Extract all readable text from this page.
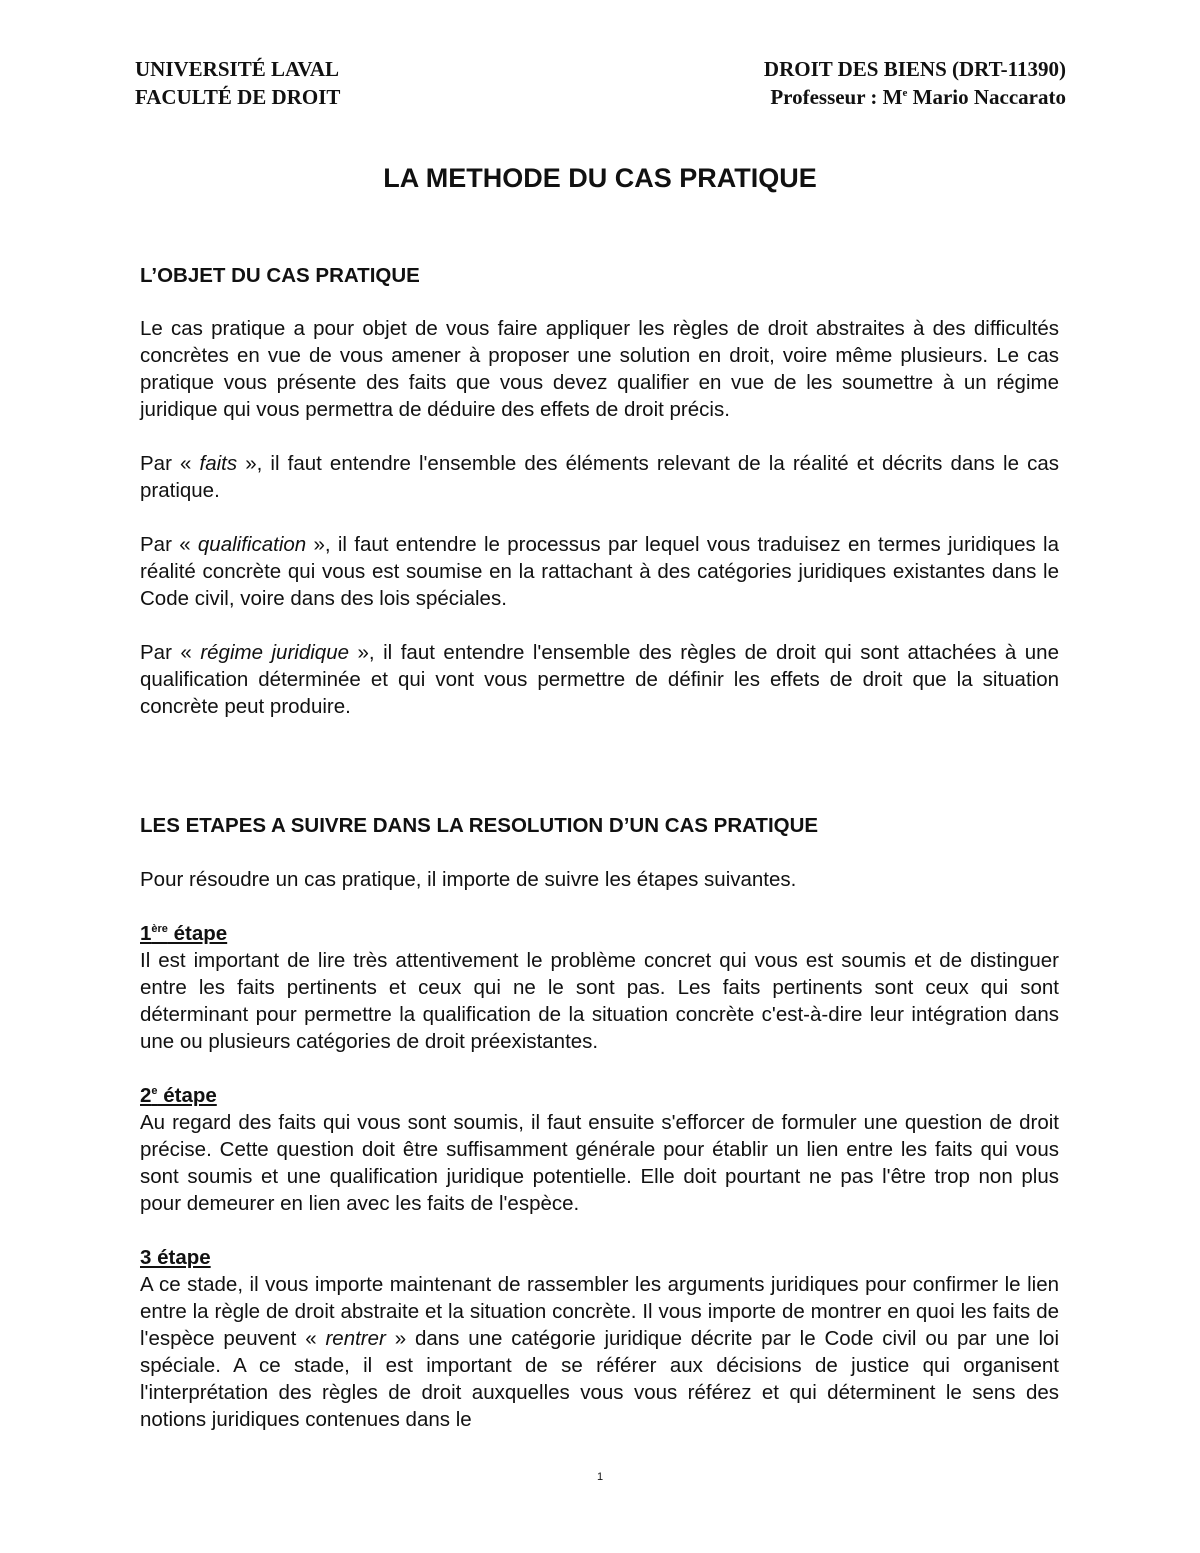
UNIVERSITÉ LAVAL
FACULTÉ DE DROIT
DROIT DES BIENS (DRT-11390)
Professeur : Me Mario Naccarato
LA METHODE DU CAS PRATIQUE

L’OBJET DU CAS PRATIQUE

Le cas pratique a pour objet de vous faire appliquer les règles de droit abstraites à des difficultés concrètes en vue de vous amener à proposer une solution en droit, voire même plusieurs. Le cas pratique vous présente des faits que vous devez qualifier en vue de les soumettre à un régime juridique qui vous permettra de déduire des effets de droit précis.

Par « faits », il faut entendre l'ensemble des éléments relevant de la réalité et décrits dans le cas pratique.

Par « qualification », il faut entendre le processus par lequel vous traduisez en termes juridiques la réalité concrète qui vous est soumise en la rattachant à des catégories juridiques existantes dans le Code civil, voire dans des lois spéciales.

Par « régime juridique », il faut entendre l'ensemble des règles de droit qui sont attachées à une qualification déterminée et qui vont vous permettre de définir les effets de droit que la situation concrète peut produire.

LES ETAPES A SUIVRE DANS LA RESOLUTION D’UN CAS PRATIQUE

Pour résoudre un cas pratique, il importe de suivre les étapes suivantes.

1ère étape

Il est important de lire très attentivement le problème concret qui vous est soumis et de distinguer entre les faits pertinents et ceux qui ne le sont pas. Les faits pertinents sont ceux qui sont déterminant pour permettre la qualification de la situation concrète c'est-à-dire leur intégration dans une ou plusieurs catégories de droit préexistantes.

2e étape

Au regard des faits qui vous sont soumis, il faut ensuite s'efforcer de formuler une question de droit précise. Cette question doit être suffisamment générale pour établir un lien entre les faits qui vous sont soumis et une qualification juridique potentielle. Elle doit pourtant ne pas l'être trop non plus pour demeurer en lien avec les faits de l'espèce.

3 étape

A ce stade, il vous importe maintenant de rassembler les arguments juridiques pour confirmer le lien entre la règle de droit abstraite et la situation concrète. Il vous importe de montrer en quoi les faits de l'espèce peuvent « rentrer » dans une catégorie juridique décrite par le Code civil ou par une loi spéciale. A ce stade, il est important de se référer aux décisions de justice qui organisent l'interprétation des règles de droit auxquelles vous vous référez et qui déterminent le sens des notions juridiques contenues dans le

1
